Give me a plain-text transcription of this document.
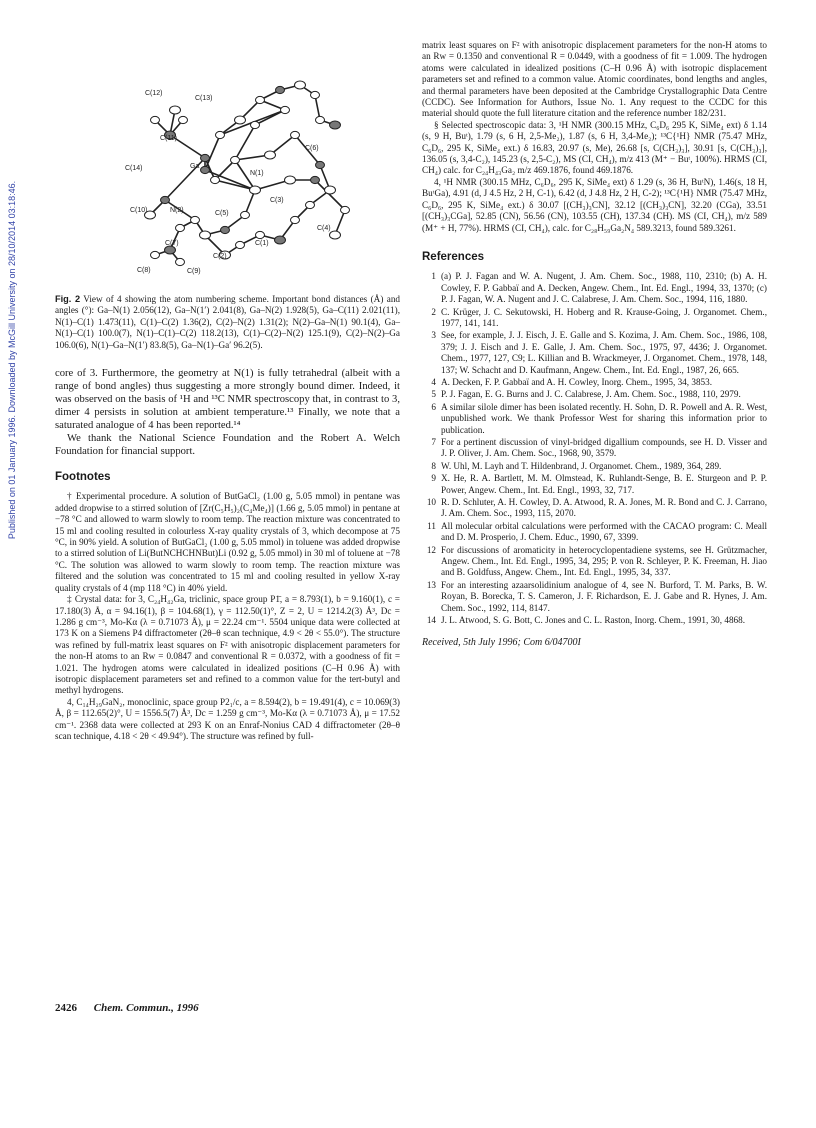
Published on 01 January 1996. Downloaded by McGill University on 28/10/2014 03:18:46.
C(12)
C(13)
C(11)
C(14)	Ga
N(1)
C(6)
C(10)	N(2)	C(5)
C(3)
C(4)
C(7)	C(1)
C(2)
C(8)	C(9)
Fig. 2 View of 4 showing the atom numbering scheme. Important bond distances (Å) and angles (°): Ga–N(1) 2.056(12), Ga–N(1′) 2.041(8), Ga–N(2) 1.928(5), Ga–C(11) 2.021(11), N(1)–C(1) 1.473(11), C(1)–C(2) 1.36(2), C(2)–N(2) 1.31(2); N(2)–Ga–N(1) 90.1(4), Ga–N(1)–C(1) 100.0(7), N(1)–C(1)–C(2) 118.2(13), C(1)–C(2)–N(2) 125.1(9), C(2)–N(2)–Ga 106.0(6), N(1)–Ga–N(1′) 83.8(5), Ga–N(1)–Ga′ 96.2(5).

core of 3. Furthermore, the geometry at N(1) is fully tetrahedral (albeit with a range of bond angles) thus suggesting a more strongly bound dimer. Indeed, it was observed on the basis of ¹H and ¹³C NMR spectroscopy that, in contrast to 3, dimer 4 persists in solution at ambient temperature.¹³ Finally, we note that a saturated analogue of 4 has been reported.¹⁴

We thank the National Science Foundation and the Robert A. Welch Foundation for financial support.

Footnotes

† Experimental procedure. A solution of ButGaCl₂ (1.00 g, 5.05 mmol) in pentane was added dropwise to a stirred solution of [Zr(C₅H₅)₂(C₄Me₄)] (1.66 g, 5.05 mmol) in pentane at −78 °C and allowed to warm slowly to room temp. The reaction mixture was concentrated to 15 ml and cooling resulted in colourless X-ray quality crystals of 3, which decompose at 75 °C, in 90% yield. A solution of ButGaCl₂ (1.00 g, 5.05 mmol) in toluene was added dropwise to a stirred solution of Li(ButNCHCHNBut)Li (0.92 g, 5.05 mmol) in 30 ml of toluene at −78 °C. The solution was allowed to warm slowly to room temp. The reaction mixture was filtered and the solution was concentrated to 15 ml and cooling resulted in yellow X-ray quality crystals of 4 (mp 118 °C) in 40% yield.

‡ Crystal data: for 3, C₂₄H₄₂Ga, triclinic, space group P1̄, a = 8.793(1), b = 9.160(1), c = 17.180(3) Å, α = 94.16(1), β = 104.68(1), γ = 112.50(1)°, Z = 2, U = 1214.2(3) Å³, Dc = 1.286 g cm⁻³, Mo-Kα (λ = 0.71073 Å), μ = 22.24 cm⁻¹. 5504 unique data were collected at 173 K on a Siemens P4 diffractometer (2θ–θ scan technique, 4.9 < 2θ < 55.0°). The structure was refined by full-matrix least squares on F² with anisotropic displacement parameters for the non-H atoms to an Rw = 0.0847 and conventional R = 0.0372, with a goodness of fit = 1.021. The hydrogen atoms were calculated in idealized positions (C–H 0.96 Å) with isotropic displacement parameters set and refined to a common value for the tert-butyl and methyl hydrogens.

4, C₁₄H₂₉GaN₂, monoclinic, space group P2₁/c, a = 8.594(2), b = 19.491(4), c = 10.069(3) Å, β = 112.65(2)°, U = 1556.5(7) Å³, Dc = 1.259 g cm⁻³, Mo-Kα (λ = 0.71073 Å), μ = 17.52 cm⁻¹. 2368 data were collected at 293 K on an Enraf-Nonius CAD 4 diffractometer (2θ–θ scan technique, 4.18 < 2θ < 49.94°). The structure was refined by full-

matrix least squares on F² with anisotropic displacement parameters for the non-H atoms to an Rw = 0.1350 and conventional R = 0.0449, with a goodness of fit = 1.009. The hydrogen atoms were calculated in idealized positions (C–H 0.96 Å) with isotropic displacement parameters set and refined to a common value. Atomic coordinates, bond lengths and angles, and thermal parameters have been deposited at the Cambridge Crystallographic Data Centre (CCDC). See Information for Authors, Issue No. 1. Any request to the CCDC for this material should quote the full literature citation and the reference number 182/231.

§ Selected spectroscopic data: 3, ¹H NMR (300.15 MHz, C₆D₆ 295 K, SiMe₄ ext) δ 1.14 (s, 9 H, Buᵗ), 1.79 (s, 6 H, 2,5-Me₂), 1.87 (s, 6 H, 3,4-Me₂); ¹³C{¹H} NMR (75.47 MHz, C₆D₆, 295 K, SiMe₄ ext.) δ 16.83, 20.97 (s, Me), 26.68 [s, C(CH₃)₃], 30.91 [s, C(CH₃)₃], 136.05 (s, 3,4-C₂), 145.23 (s, 2,5-C₂), MS (CI, CH₄), m/z 413 (M⁺ − Buᵗ, 100%). HRMS (CI, CH₄) calc. for C₂₄H₄₃Ga₂ m/z 469.1876, found 469.1876.

4, ¹H NMR (300.15 MHz, C₆D₆, 295 K, SiMe₄ ext) δ 1.29 (s, 36 H, BuᵗN), 1.46(s, 18 H, BuᵗGa), 4.91 (d, J 4.5 Hz, 2 H, C-1), 6.42 (d, J 4.8 Hz, 2 H, C-2); ¹³C{¹H} NMR (75.47 MHz, C₆D₆, 295 K, SiMe₄ ext.) δ 30.07 [(CH₃)₃CN], 32.12 [(CH₃)₃CN], 32.20 (CGa), 33.51 [(CH₃)₃CGa], 52.85 (CN), 56.56 (CN), 103.55 (CH), 137.34 (CH). MS (CI, CH₄), m/z 589 (M⁺ + H, 77%). HRMS (CI, CH₄), calc. for C₂₈H₅₉Ga₂N₄ 589.3213, found 589.3261.

References
1 (a) P. J. Fagan and W. A. Nugent, J. Am. Chem. Soc., 1988, 110, 2310; (b) A. H. Cowley, F. P. Gabbaï and A. Decken, Angew. Chem., Int. Ed. Engl., 1994, 33, 1370; (c) P. J. Fagan, W. A. Nugent and J. C. Calabrese, J. Am. Chem. Soc., 1994, 116, 1880.
2 C. Krüger, J. C. Sekutowski, H. Hoberg and R. Krause-Going, J. Organomet. Chem., 1977, 141, 141.
3 See, for example, J. J. Eisch, J. E. Galle and S. Kozima, J. Am. Chem. Soc., 1986, 108, 379; J. J. Eisch and J. E. Galle, J. Am. Chem. Soc., 1975, 97, 4436; J. Organomet. Chem., 1977, 127, C9; L. Killian and B. Wrackmeyer, J. Organomet. Chem., 1978, 148, 137; W. Schacht and D. Kaufmann, Angew. Chem., Int. Ed. Engl., 1987, 26, 665.
4 A. Decken, F. P. Gabbaï and A. H. Cowley, Inorg. Chem., 1995, 34, 3853.
5 P. J. Fagan, E. G. Burns and J. C. Calabrese, J. Am. Chem. Soc., 1988, 110, 2979.
6 A similar silole dimer has been isolated recently. H. Sohn, D. R. Powell and A. R. West, unpublished work. We thank Professor West for sharing this information prior to publication.
7 For a pertinent discussion of vinyl-bridged digallium compounds, see H. D. Visser and J. P. Oliver, J. Am. Chem. Soc., 1968, 90, 3579.
8 W. Uhl, M. Layh and T. Hildenbrand, J. Organomet. Chem., 1989, 364, 289.
9 X. He, R. A. Bartlett, M. M. Olmstead, K. Ruhlandt-Senge, B. E. Sturgeon and P. P. Power, Angew. Chem., Int. Ed. Engl., 1993, 32, 717.
10 R. D. Schluter, A. H. Cowley, D. A. Atwood, R. A. Jones, M. R. Bond and C. J. Carrano, J. Am. Chem. Soc., 1993, 115, 2070.
11 All molecular orbital calculations were performed with the CACAO program: C. Meall and D. M. Prosperio, J. Chem. Educ., 1990, 67, 3399.
12 For discussions of aromaticity in heterocyclopentadiene systems, see H. Grützmacher, Angew. Chem., Int. Ed. Engl., 1995, 34, 295; P. von R. Schleyer, P. K. Freeman, H. Jiao and B. Goldfuss, Angew. Chem., Int. Ed. Engl., 1995, 34, 337.
13 For an interesting azaarsolidinium analogue of 4, see N. Burford, T. M. Parks, B. W. Royan, B. Borecka, T. S. Cameron, J. F. Richardson, E. J. Gabe and R. Hynes, J. Am. Chem. Soc., 1992, 114, 8147.
14 J. L. Atwood, S. G. Bott, C. Jones and C. L. Raston, Inorg. Chem., 1991, 30, 4868.
Received, 5th July 1996; Com 6/04700I
2426 Chem. Commun., 1996
